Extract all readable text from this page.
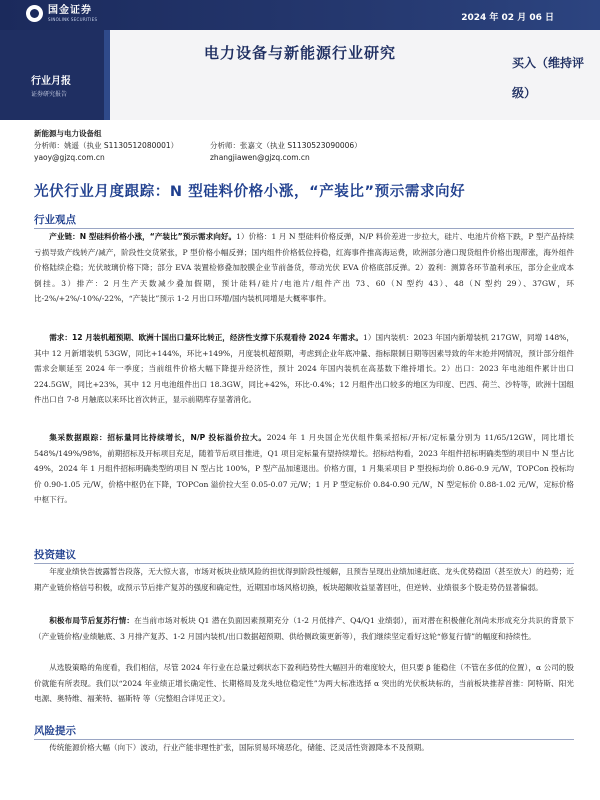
国金证券
SINOLINK SECURITIES	2024 年 02 月 06 日
行业月报
证券研究报告
电力设备与新能源行业研究
买入（维持评级）
新能源与电力设备组
分析师：姚遥（执业 S1130512080001）
yaoy@gjzq.com.cn
分析师：张嘉文（执业 S1130523090006）
zhangjiawen@gjzq.com.cn
光伏行业月度跟踪：N 型硅料价格小涨，“产装比”预示需求向好
行业观点
产业链：N 型硅料价格小涨，“产装比”预示需求向好。1）价格：1 月 N 型硅料价格反弹，N/P 料价差进一步拉大，硅片、电池片价格下跌，P 型产品持续亏损导致产线转产/减产，阶段性交货紧张，P 型价格小幅反弹；国内组件价格低位持稳，红海事件推高海运费，欧洲部分港口现货组件价格出现滞涨，海外组件价格陆续企稳；光伏玻璃价格下降；部分 EVA 装置检修叠加胶膜企业节前备货，带动光伏 EVA 价格底部反弹。2）盈利：测算各环节盈利承压，部分企业成本倒挂。3）排产：2 月生产天数减少叠加假期，预计硅料/硅片/电池片/组件产出 73、60（N 型约 43）、48（N 型约 29）、37GW，环比-2%/+2%/-10%/-22%，“产装比”预示 1-2 月出口环增/国内装机同增是大概率事件。
需求：12 月装机超预期、欧洲十国出口量环比转正，经济性支撑下乐观看待 2024 年需求。1）国内装机：2023 年国内新增装机 217GW，同增 148%，其中 12 月新增装机 53GW，同比+144%，环比+149%，月度装机超预期，考虑到企业年底冲量、指标限制日期等因素导致的年末抢并网情况，预计部分组件需求会顺延至 2024 年一季度；当前组件价格大幅下降提升经济性，预计 2024 年国内装机在高基数下维持增长。2）出口：2023 年电池组件累计出口 224.5GW，同比+23%，其中 12 月电池组件出口 18.3GW，同比+42%，环比-0.4%；12 月组件出口较多的地区为印度、巴西、荷兰、沙特等，欧洲十国组件出口自 7-8 月触底以来环比首次转正，显示前期库存显著消化。
集采数据跟踪：招标量同比持续增长，N/P 投标溢价拉大。2024 年 1 月央国企光伏组件集采招标/开标/定标量分别为 11/65/12GW，同比增长 548%/149%/98%，前期招标及开标项目充足，随着节后项目推进，Q1 项目定标量有望持续增长。招标结构看，2023 年组件招标明确类型的项目中 N 型占比 49%，2024 年 1 月组件招标明确类型的项目 N 型占比 100%，P 型产品加速退出。价格方面，1 月集采项目 P 型投标均价 0.86-0.9 元/W，TOPCon 投标均价 0.90-1.05 元/W，价格中枢仍在下降，TOPCon 溢价拉大至 0.05-0.07 元/W；1 月 P 型定标价 0.84-0.90 元/W，N 型定标价 0.88-1.02 元/W，定标价格中枢下行。
投资建议
年度业绩快告披露暂告段落，无大惊大喜，市场对板块业绩风险的担忧得到阶段性缓解，且预告呈现出业绩加速赶底、龙头优势稳固（甚至放大）的趋势；近期产业链价格信号积极，或预示节后排产复苏的强度和确定性，近期国市场风格切换，板块超额收益显著回吐，但逆转、业绩很多个股走势仍显著偏弱。
积极布局节后复苏行情：在当前市场对板块 Q1 潜在负面因素预期充分（1-2 月低排产、Q4/Q1 业绩弱），而对潜在积极催化剂尚未形成充分共识的背景下（产业链价格/业绩触底、3 月排产复苏、1-2 月国内装机/出口数据超预期、供给侧政策更新等），我们继续坚定看好这轮“修复行情”的幅度和持续性。
从选股策略的角度看，我们相信，尽管 2024 年行业在总量过剩状态下盈利趋势性大幅回升的难度较大，但只要 β 能稳住（不管在多低的位置），α 公司的股价就能有所表现。我们以“2024 年业绩正增长确定性、长期格局及龙头地位稳定性”为两大标准选择 α 突出的光伏板块标的，当前板块推荐首推：阿特斯、阳光电源、奥特维、福莱特、福斯特 等（完整组合详见正文）。
风险提示
传统能源价格大幅（向下）波动，行业产能非理性扩张，国际贸易环境恶化，储能、泛灵活性资源降本不及预期。
